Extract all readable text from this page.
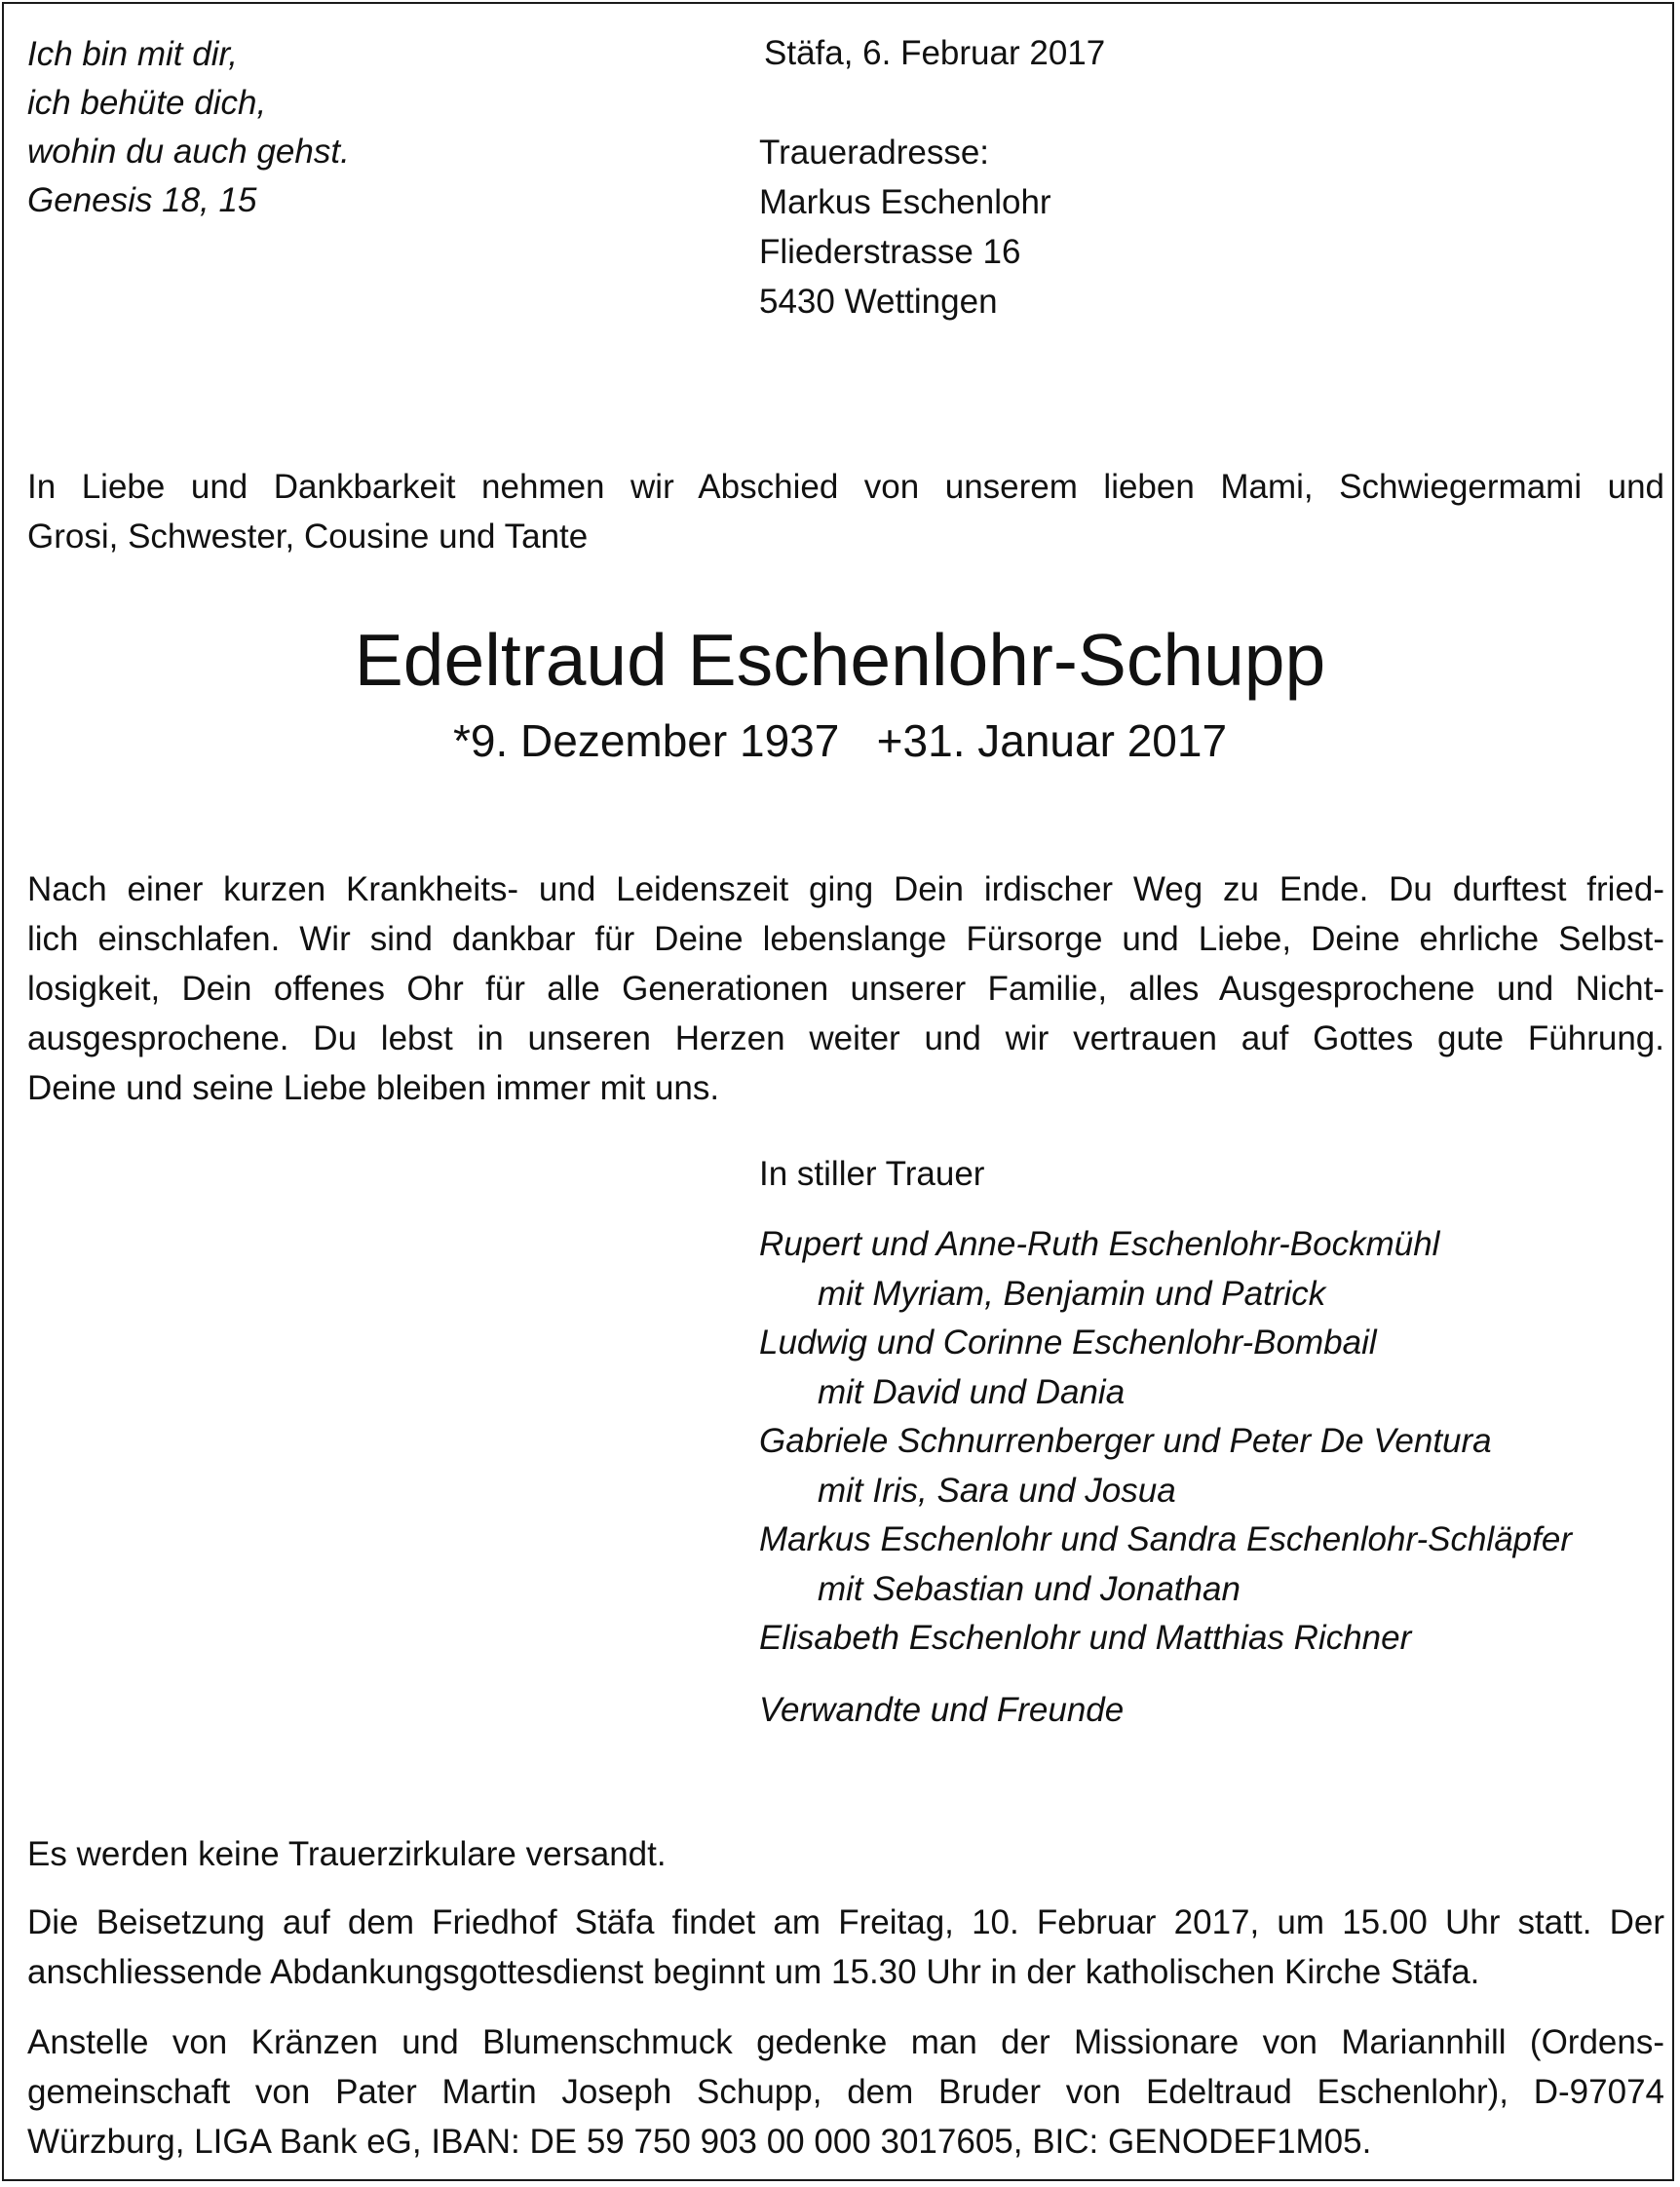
Ich bin mit dir,
ich behüte dich,
wohin du auch gehst.
Genesis 18, 15
Stäfa, 6. Februar 2017
Traueradresse:
Markus Eschenlohr
Fliederstrasse 16
5430 Wettingen
In Liebe und Dankbarkeit nehmen wir Abschied von unserem lieben Mami, Schwiegermami und
Grosi, Schwester, Cousine und Tante
Edeltraud Eschenlohr-Schupp
*9. Dezember 1937 +31. Januar 2017
Nach einer kurzen Krankheits- und Leidenszeit ging Dein irdischer Weg zu Ende. Du durftest fried-
lich einschlafen. Wir sind dankbar für Deine lebenslange Fürsorge und Liebe, Deine ehrliche Selbst-
losigkeit, Dein offenes Ohr für alle Generationen unserer Familie, alles Ausgesprochene und Nicht-
ausgesprochene. Du lebst in unseren Herzen weiter und wir vertrauen auf Gottes gute Führung.
Deine und seine Liebe bleiben immer mit uns.
In stiller Trauer
Rupert und Anne-Ruth Eschenlohr-Bockmühl
mit Myriam, Benjamin und Patrick
Ludwig und Corinne Eschenlohr-Bombail
mit David und Dania
Gabriele Schnurrenberger und Peter De Ventura
mit Iris, Sara und Josua
Markus Eschenlohr und Sandra Eschenlohr-Schläpfer
mit Sebastian und Jonathan
Elisabeth Eschenlohr und Matthias Richner
Verwandte und Freunde
Es werden keine Trauerzirkulare versandt.
Die Beisetzung auf dem Friedhof Stäfa findet am Freitag, 10. Februar 2017, um 15.00 Uhr statt. Der
anschliessende Abdankungsgottesdienst beginnt um 15.30 Uhr in der katholischen Kirche Stäfa.
Anstelle von Kränzen und Blumenschmuck gedenke man der Missionare von Mariannhill (Ordens-
gemeinschaft von Pater Martin Joseph Schupp, dem Bruder von Edeltraud Eschenlohr), D-97074
Würzburg, LIGA Bank eG, IBAN: DE 59 750 903 00 000 3017605, BIC: GENODEF1M05.
